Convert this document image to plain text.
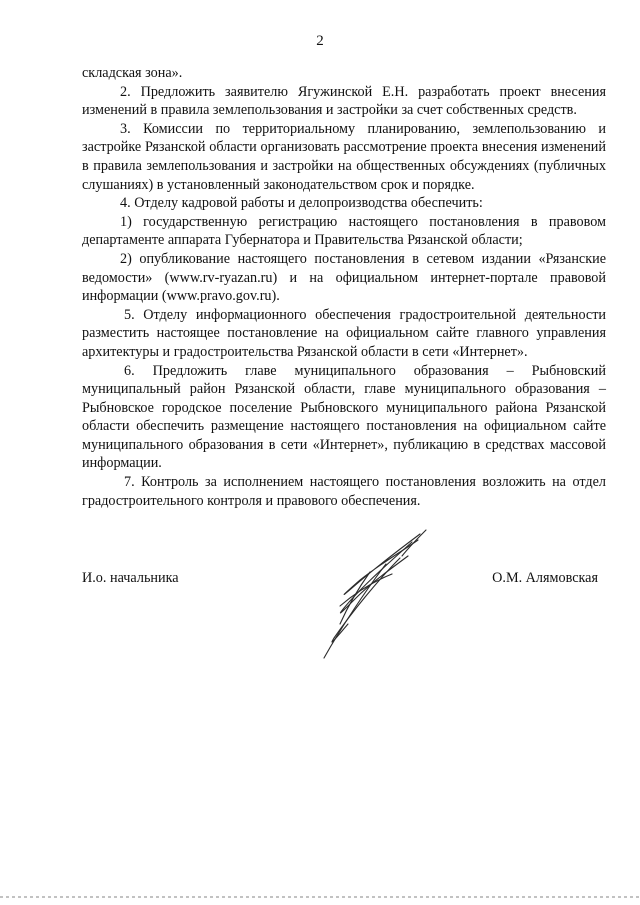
2

складская зона».

2. Предложить заявителю Ягужинской Е.Н. разработать проект внесения изменений в правила землепользования и застройки за счет собственных средств.

3. Комиссии по территориальному планированию, землепользованию и застройке Рязанской области организовать рассмотрение проекта внесения изменений в правила землепользования и застройки на общественных обсуждениях (публичных слушаниях) в установленный законодательством срок и порядке.

4. Отделу кадровой работы и делопроизводства обеспечить:

1) государственную регистрацию настоящего постановления в правовом департаменте аппарата Губернатора и Правительства Рязанской области;

2) опубликование настоящего постановления в сетевом издании «Рязанские ведомости» (www.rv-ryazan.ru) и на официальном интернет-портале правовой информации (www.pravo.gov.ru).

5. Отделу информационного обеспечения градостроительной деятельности разместить настоящее постановление на официальном сайте главного управления архитектуры и градостроительства Рязанской области в сети «Интернет».

6. Предложить главе муниципального образования – Рыбновский муниципальный район Рязанской области, главе муниципального образования – Рыбновское городское поселение Рыбновского муниципального района Рязанской области обеспечить размещение настоящего постановления на официальном сайте муниципального образования в сети «Интернет», публикацию в средствах массовой информации.

7. Контроль за исполнением настоящего постановления возложить на отдел градостроительного контроля и правового обеспечения.

И.о. начальника	О.М. Алямовская
